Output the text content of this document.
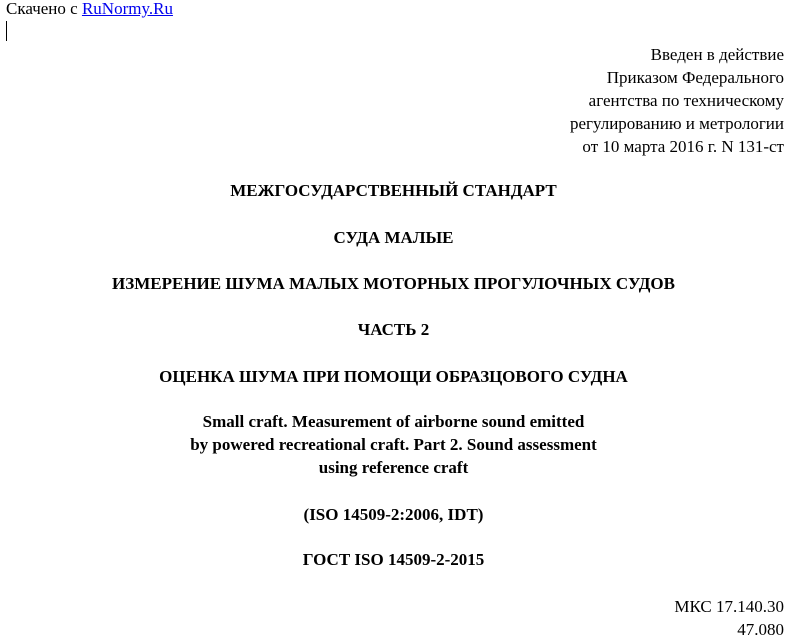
Скачено с RuNormy.Ru
Введен в действие
Приказом Федерального
агентства по техническому
регулированию и метрологии
от 10 марта 2016 г. N 131-ст
МЕЖГОСУДАРСТВЕННЫЙ СТАНДАРТ
СУДА МАЛЫЕ
ИЗМЕРЕНИЕ ШУМА МАЛЫХ МОТОРНЫХ ПРОГУЛОЧНЫХ СУДОВ
ЧАСТЬ 2
ОЦЕНКА ШУМА ПРИ ПОМОЩИ ОБРАЗЦОВОГО СУДНА
Small craft. Measurement of airborne sound emitted
by powered recreational craft. Part 2. Sound assessment
using reference craft
(ISO 14509-2:2006, IDT)
ГОСТ ISO 14509-2-2015
МКС 17.140.30
47.080
